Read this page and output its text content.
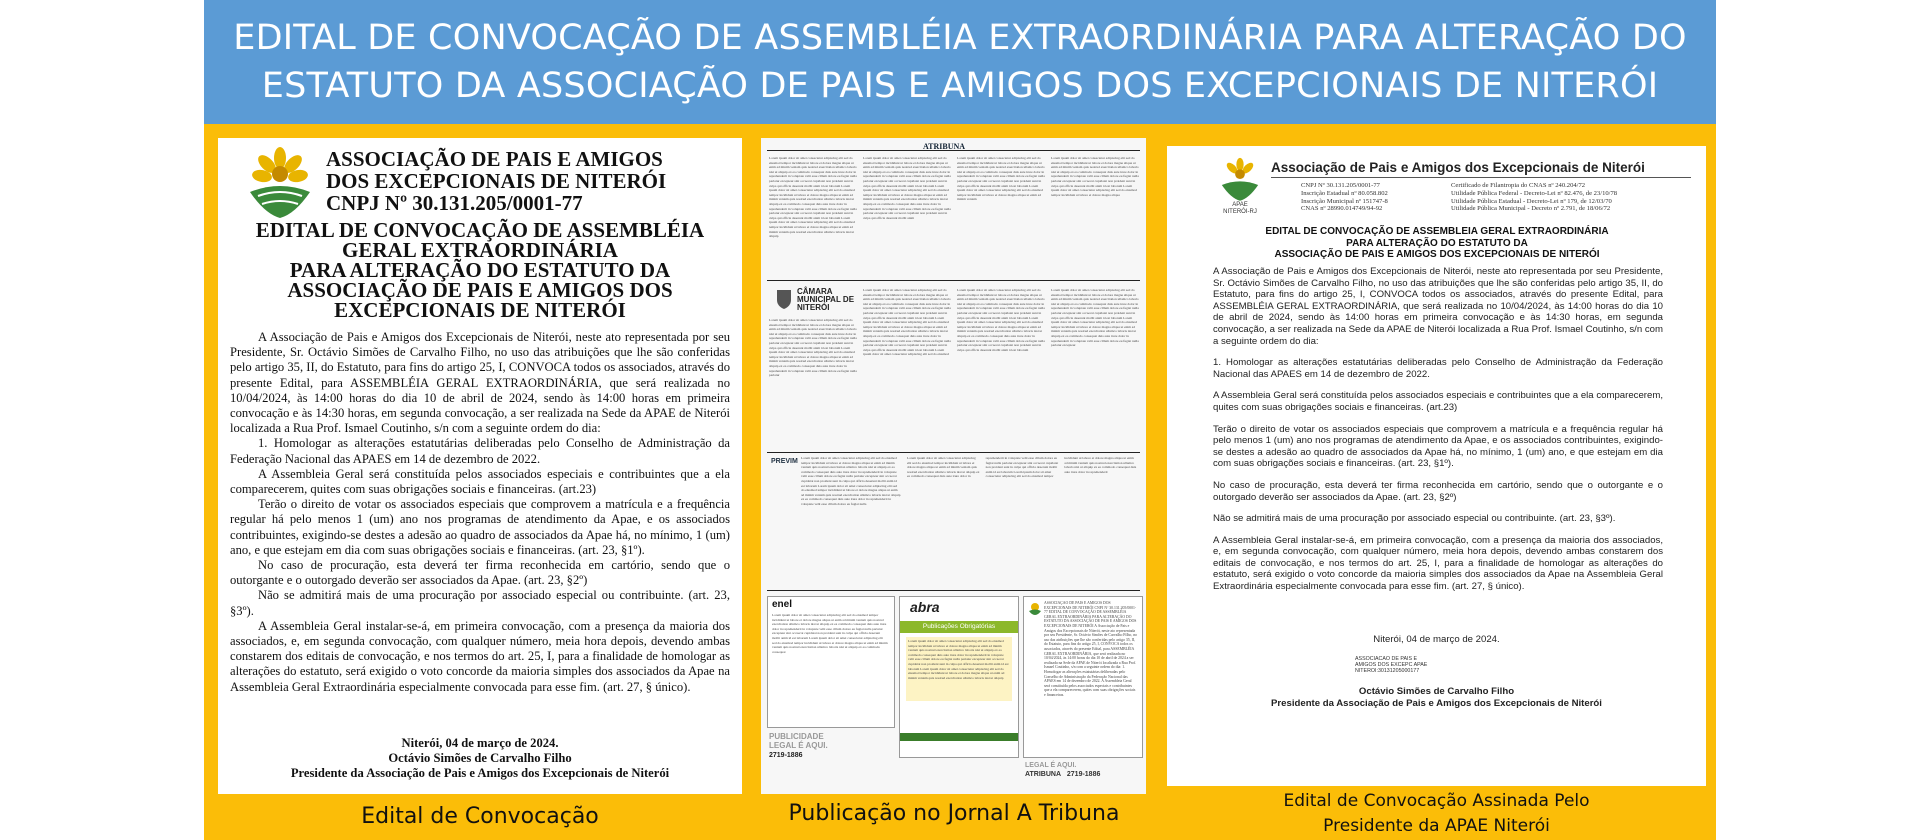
EDITAL DE CONVOCAÇÃO DE ASSEMBLÉIA EXTRAORDINÁRIA PARA ALTERAÇÃO DO
ESTATUTO DA ASSOCIAÇÃO DE PAIS E AMIGOS DOS EXCEPCIONAIS DE NITERÓI
ASSOCIAÇÃO DE PAIS E AMIGOS
DOS EXCEPCIONAIS DE NITERÓI
CNPJ Nº 30.131.205/0001-77
EDITAL DE CONVOCAÇÃO DE ASSEMBLÉIA
GERAL EXTRAORDINÁRIA
PARA ALTERAÇÃO DO ESTATUTO DA
ASSOCIAÇÃO DE PAIS E AMIGOS DOS
EXCEPCIONAIS DE NITERÓI

A Associação de Pais e Amigos dos Excepcionais de Niterói, neste ato representada por seu Presidente, Sr. Octávio Simões de Carvalho Filho, no uso das atribuições que lhe são conferidas pelo artigo 35, II, do Estatuto, para fins do artigo 25, I, CONVOCA todos os associados, através do presente Edital, para ASSEMBLÉIA GERAL EXTRAORDINÁRIA, que será realizada no 10/04/2024, às 14:00 horas do dia 10 de abril de 2024, sendo às 14:00 horas em primeira convocação e às 14:30 horas, em segunda convocação, a ser realizada na Sede da APAE de Niterói localizada a Rua Prof. Ismael Coutinho, s/n com a seguinte ordem do dia:

1. Homologar as alterações estatutárias deliberadas pelo Conselho de Administração da Federação Nacional das APAES em 14 de dezembro de 2022.

A Assembleia Geral será constituída pelos associados especiais e contribuintes que a ela comparecerem, quites com suas obrigações sociais e financeiras. (art.23)

Terão o direito de votar os associados especiais que comprovem a matrícula e a frequência regular há pelo menos 1 (um) ano nos programas de atendimento da Apae, e os associados contribuintes, exigindo-se destes a adesão ao quadro de associados da Apae há, no mínimo, 1 (um) ano, e que estejam em dia com suas obrigações sociais e financeiras. (art. 23, §1º).

No caso de procuração, esta deverá ter firma reconhecida em cartório, sendo que o outorgante e o outorgado deverão ser associados da Apae. (art. 23, §2º)

Não se admitirá mais de uma procuração por associado especial ou contribuinte. (art. 23, §3º).

A Assembleia Geral instalar-se-á, em primeira convocação, com a presença da maioria dos associados, e, em segunda convocação, com qualquer número, meia hora depois, devendo ambas constarem dos editais de convocação, e nos termos do art. 25, I, para a finalidade de homologar as alterações do estatuto, será exigido o voto concorde da maioria simples dos associados da Apae na Assembleia Geral Extraordinária especialmente convocada para esse fim. (art. 27, § único).

Niterói, 04 de março de 2024.
Octávio Simões de Carvalho Filho
Presidente da Associação de Pais e Amigos dos Excepcionais de Niterói
ATRIBUNA
Lorem ipsum dolor sit amet consectetur adipiscing elit sed do eiusmod tempor incididunt ut labore et dolore magna aliqua ut enim ad minim veniam quis nostrud exercitation ullamco laboris nisi ut aliquip ex ea commodo consequat duis aute irure dolor in reprehenderit in voluptate velit esse cillum dolore eu fugiat nulla pariatur excepteur sint occaecat cupidatat non proident sunt in culpa qui officia deserunt mollit anim id est laborum Lorem ipsum dolor sit amet consectetur adipiscing elit sed do eiusmod tempor incididunt ut labore et dolore magna aliqua ut enim ad minim veniam quis nostrud exercitation ullamco laboris nisi ut aliquip ex ea commodo consequat duis aute irure dolor in reprehenderit in voluptate velit esse cillum dolore eu fugiat nulla pariatur excepteur sint occaecat cupidatat non proident sunt in culpa qui officia deserunt mollit anim id est laborum Lorem ipsum dolor sit amet consectetur adipiscing elit sed do eiusmod tempor incididunt ut labore et dolore magna aliqua ut enim ad minim veniam quis nostrud exercitation ullamco laboris nisi ut aliquip
Lorem ipsum dolor sit amet consectetur adipiscing elit sed do eiusmod tempor incididunt ut labore et dolore magna aliqua ut enim ad minim veniam quis nostrud exercitation ullamco laboris nisi ut aliquip ex ea commodo consequat duis aute irure dolor in reprehenderit in voluptate velit esse cillum dolore eu fugiat nulla pariatur excepteur sint occaecat cupidatat non proident sunt in culpa qui officia deserunt mollit anim id est laborum Lorem ipsum dolor sit amet consectetur adipiscing elit sed do eiusmod tempor incididunt ut labore et dolore magna aliqua ut enim ad minim veniam quis nostrud exercitation ullamco laboris nisi ut aliquip ex ea commodo consequat duis aute irure dolor in reprehenderit in voluptate velit esse cillum dolore eu fugiat nulla pariatur excepteur sint occaecat cupidatat non proident sunt in culpa qui officia deserunt mollit anim
Lorem ipsum dolor sit amet consectetur adipiscing elit sed do eiusmod tempor incididunt ut labore et dolore magna aliqua ut enim ad minim veniam quis nostrud exercitation ullamco laboris nisi ut aliquip ex ea commodo consequat duis aute irure dolor in reprehenderit in voluptate velit esse cillum dolore eu fugiat nulla pariatur excepteur sint occaecat cupidatat non proident sunt in culpa qui officia deserunt mollit anim id est laborum Lorem ipsum dolor sit amet consectetur adipiscing elit sed do eiusmod tempor incididunt ut labore et dolore magna aliqua ut enim ad minim veniam
Lorem ipsum dolor sit amet consectetur adipiscing elit sed do eiusmod tempor incididunt ut labore et dolore magna aliqua ut enim ad minim veniam quis nostrud exercitation ullamco laboris nisi ut aliquip ex ea commodo consequat duis aute irure dolor in reprehenderit in voluptate velit esse cillum dolore eu fugiat nulla pariatur excepteur sint occaecat cupidatat non proident sunt in culpa qui officia deserunt mollit anim id est laborum Lorem ipsum dolor sit amet consectetur adipiscing elit sed do eiusmod tempor incididunt ut labore et dolore magna aliqua
CÂMARA
MUNICIPAL DE
NITERÓI
Lorem ipsum dolor sit amet consectetur adipiscing elit sed do eiusmod tempor incididunt ut labore et dolore magna aliqua ut enim ad minim veniam quis nostrud exercitation ullamco laboris nisi ut aliquip ex ea commodo consequat duis aute irure dolor in reprehenderit in voluptate velit esse cillum dolore eu fugiat nulla pariatur excepteur sint occaecat cupidatat non proident sunt in culpa qui officia deserunt mollit anim id est laborum Lorem ipsum dolor sit amet consectetur adipiscing elit sed do eiusmod tempor incididunt ut labore et dolore magna aliqua ut enim ad minim veniam quis nostrud exercitation ullamco laboris nisi ut aliquip ex ea commodo consequat duis aute irure dolor in reprehenderit in voluptate velit esse cillum dolore eu fugiat nulla pariatur
Lorem ipsum dolor sit amet consectetur adipiscing elit sed do eiusmod tempor incididunt ut labore et dolore magna aliqua ut enim ad minim veniam quis nostrud exercitation ullamco laboris nisi ut aliquip ex ea commodo consequat duis aute irure dolor in reprehenderit in voluptate velit esse cillum dolore eu fugiat nulla pariatur excepteur sint occaecat cupidatat non proident sunt in culpa qui officia deserunt mollit anim id est laborum Lorem ipsum dolor sit amet consectetur adipiscing elit sed do eiusmod tempor incididunt ut labore et dolore magna aliqua ut enim ad minim veniam quis nostrud exercitation ullamco laboris nisi ut aliquip ex ea commodo consequat duis aute irure dolor in reprehenderit in voluptate velit esse cillum dolore eu fugiat nulla pariatur excepteur sint occaecat cupidatat non proident sunt in culpa qui officia deserunt mollit anim id est laborum Lorem ipsum dolor sit amet consectetur adipiscing elit sed do eiusmod
Lorem ipsum dolor sit amet consectetur adipiscing elit sed do eiusmod tempor incididunt ut labore et dolore magna aliqua ut enim ad minim veniam quis nostrud exercitation ullamco laboris nisi ut aliquip ex ea commodo consequat duis aute irure dolor in reprehenderit in voluptate velit esse cillum dolore eu fugiat nulla pariatur excepteur sint occaecat cupidatat non proident sunt in culpa qui officia deserunt mollit anim id est laborum Lorem ipsum dolor sit amet consectetur adipiscing elit sed do eiusmod tempor incididunt ut labore et dolore magna aliqua ut enim ad minim veniam quis nostrud exercitation ullamco laboris nisi ut aliquip ex ea commodo consequat duis aute irure dolor in reprehenderit in voluptate velit esse cillum dolore eu fugiat nulla pariatur excepteur sint occaecat cupidatat non proident sunt in culpa qui officia deserunt mollit anim id est laborum
Lorem ipsum dolor sit amet consectetur adipiscing elit sed do eiusmod tempor incididunt ut labore et dolore magna aliqua ut enim ad minim veniam quis nostrud exercitation ullamco laboris nisi ut aliquip ex ea commodo consequat duis aute irure dolor in reprehenderit in voluptate velit esse cillum dolore eu fugiat nulla pariatur excepteur sint occaecat cupidatat non proident sunt in culpa qui officia deserunt mollit anim id est laborum Lorem ipsum dolor sit amet consectetur adipiscing elit sed do eiusmod tempor incididunt ut labore et dolore magna aliqua ut enim ad minim veniam quis nostrud exercitation ullamco laboris nisi ut aliquip ex ea commodo consequat duis aute irure dolor in reprehenderit in voluptate velit esse cillum dolore eu fugiat nulla pariatur excepteur
PREVIM Lorem ipsum dolor sit amet consectetur adipiscing elit sed do eiusmod tempor incididunt ut labore et dolore magna aliqua ut enim ad minim veniam quis nostrud exercitation ullamco laboris nisi ut aliquip ex ea commodo consequat duis aute irure dolor in reprehenderit in voluptate velit esse cillum dolore eu fugiat nulla pariatur excepteur sint occaecat cupidatat non proident sunt in culpa qui officia deserunt mollit anim id est laborum Lorem ipsum dolor sit amet consectetur adipiscing elit sed do eiusmod tempor incididunt ut labore et dolore magna aliqua ut enim ad minim veniam quis nostrud exercitation ullamco laboris nisi ut aliquip ex ea commodo consequat duis aute irure dolor in reprehenderit in voluptate velit esse cillum dolore eu fugiat nulla
Lorem ipsum dolor sit amet consectetur adipiscing elit sed do eiusmod tempor incididunt ut labore et dolore magna aliqua ut enim ad minim veniam quis nostrud exercitation ullamco laboris nisi ut aliquip ex ea commodo consequat duis aute irure dolor in reprehenderit in voluptate velit esse cillum dolore eu fugiat nulla pariatur excepteur sint occaecat cupidatat non proident sunt in culpa qui officia deserunt mollit anim id est laborum Lorem ipsum dolor sit amet consectetur adipiscing elit sed do eiusmod tempor incididunt ut labore et dolore magna aliqua ut enim ad minim veniam quis nostrud exercitation ullamco laboris nisi ut aliquip ex ea commodo consequat duis aute irure dolor in reprehenderit
enel
Lorem ipsum dolor sit amet consectetur adipiscing elit sed do eiusmod tempor incididunt ut labore et dolore magna aliqua ut enim ad minim veniam quis nostrud exercitation ullamco laboris nisi ut aliquip ex ea commodo consequat duis aute irure dolor in reprehenderit in voluptate velit esse cillum dolore eu fugiat nulla pariatur excepteur sint occaecat cupidatat non proident sunt in culpa qui officia deserunt mollit anim id est laborum Lorem ipsum dolor sit amet consectetur adipiscing elit sed do eiusmod tempor incididunt ut labore et dolore magna aliqua ut enim ad minim veniam quis nostrud exercitation ullamco laboris nisi ut aliquip ex ea commodo consequat
abra
Publicações Obrigatórias
Lorem ipsum dolor sit amet consectetur adipiscing elit sed do eiusmod tempor incididunt ut labore et dolore magna aliqua ut enim ad minim veniam quis nostrud exercitation ullamco laboris nisi ut aliquip ex ea commodo consequat duis aute irure dolor in reprehenderit in voluptate velit esse cillum dolore eu fugiat nulla pariatur excepteur sint occaecat cupidatat non proident sunt in culpa qui officia deserunt mollit anim id est laborum Lorem ipsum dolor sit amet consectetur adipiscing elit sed do eiusmod tempor incididunt ut labore et dolore magna aliqua ut enim ad minim veniam quis nostrud exercitation ullamco laboris nisi ut aliquip
ASSOCIAÇÃO DE PAIS E AMIGOS DOS EXCEPCIONAIS DE NITERÓI CNPJ Nº 30.131.205/0001-77 EDITAL DE CONVOCAÇÃO DE ASSEMBLÉIA GERAL EXTRAORDINÁRIA PARA ALTERAÇÃO DO ESTATUTO DA ASSOCIAÇÃO DE PAIS E AMIGOS DOS EXCEPCIONAIS DE NITERÓI A Associação de Pais e Amigos dos Excepcionais de Niterói, neste ato representada por seu Presidente, Sr. Octávio Simões de Carvalho Filho, no uso das atribuições que lhe são conferidas pelo artigo 35, II, do Estatuto, para fins do artigo 25, I, CONVOCA todos os associados, através do presente Edital, para ASSEMBLÉIA GERAL EXTRAORDINÁRIA, que será realizada no 10/04/2024, às 14:00 horas do dia 10 de abril de 2024 a ser realizada na Sede da APAE de Niterói localizada a Rua Prof. Ismael Coutinho, s/n com a seguinte ordem do dia: 1. Homologar as alterações estatutárias deliberadas pelo Conselho de Administração da Federação Nacional das APAES em 14 de dezembro de 2022. A Assembleia Geral será constituída pelos associados especiais e contribuintes que a ela comparecerem, quites com suas obrigações sociais e financeiras.
PUBLICIDADE
LEGAL É AQUI.
2719-1886
LEGAL É AQUI.
ATRIBUNA 2719-1886
APAE
NITERÓI-RJ
Associação de Pais e Amigos dos Excepcionais de Niterói
CNPJ Nº 30.131.205/0001-77
Inscrição Estadual nº 80.058.802
Inscrição Municipal nº 151747-8
CNAS nº 28990.014749/94-92
Certificado de Filantropia do CNAS nº 240.204/72
Utilidade Pública Federal - Decreto-Lei nº 82.476, de 23/10/78
Utilidade Pública Estadual - Decreto-Lei nº 179, de 12/03/70
Utilidade Pública Municipal - Decreto nº 2.791, de 18/06/72
EDITAL DE CONVOCAÇÃO DE ASSEMBLEIA GERAL EXTRAORDINÁRIA
PARA ALTERAÇÃO DO ESTATUTO DA
ASSOCIAÇÃO DE PAIS E AMIGOS DOS EXCEPCIONAIS DE NITERÓI

A Associação de Pais e Amigos dos Excepcionais de Niterói, neste ato representada por seu Presidente, Sr. Octávio Simões de Carvalho Filho, no uso das atribuições que lhe são conferidas pelo artigo 35, II, do Estatuto, para fins do artigo 25, I, CONVOCA todos os associados, através do presente Edital, para ASSEMBLÉIA GERAL EXTRAORDINÁRIA, que será realizada no 10/04/2024, às 14:00 horas do dia 10 de abril de 2024, sendo às 14:00 horas em primeira convocação e às 14:30 horas, em segunda convocação, a ser realizada na Sede da APAE de Niterói localizada a Rua Prof. Ismael Coutinho, s/n com a seguinte ordem do dia:

1. Homologar as alterações estatutárias deliberadas pelo Conselho de Administração da Federação Nacional das APAES em 14 de dezembro de 2022.

A Assembleia Geral será constituída pelos associados especiais e contribuintes que a ela comparecerem, quites com suas obrigações sociais e financeiras. (art.23)

Terão o direito de votar os associados especiais que comprovem a matrícula e a frequência regular há pelo menos 1 (um) ano nos programas de atendimento da Apae, e os associados contribuintes, exigindo-se destes a adesão ao quadro de associados da Apae há, no mínimo, 1 (um) ano, e que estejam em dia com suas obrigações sociais e financeiras. (art. 23, §1º).

No caso de procuração, esta deverá ter firma reconhecida em cartório, sendo que o outorgante e o outorgado deverão ser associados da Apae. (art. 23, §2º)

Não se admitirá mais de uma procuração por associado especial ou contribuinte. (art. 23, §3º).

A Assembleia Geral instalar-se-á, em primeira convocação, com a presença da maioria dos associados, e, em segunda convocação, com qualquer número, meia hora depois, devendo ambas constarem dos editais de convocação, e nos termos do art. 25, I, para a finalidade de homologar as alterações do estatuto, será exigido o voto concorde da maioria simples dos associados da Apae na Assembleia Geral Extraordinária especialmente convocada para esse fim. (art. 27, § único).

Niterói, 04 de março de 2024.
ASSOCIACAO DE PAIS E
AMIGOS DOS EXCEPC APAE
NITEROI:30131205000177
Octávio Simões de Carvalho Filho
Presidente da Associação de Pais e Amigos dos Excepcionais de Niterói
Edital de Convocação	Publicação no Jornal A Tribuna	Edital de Convocação Assinada Pelo
Presidente da APAE Niterói
